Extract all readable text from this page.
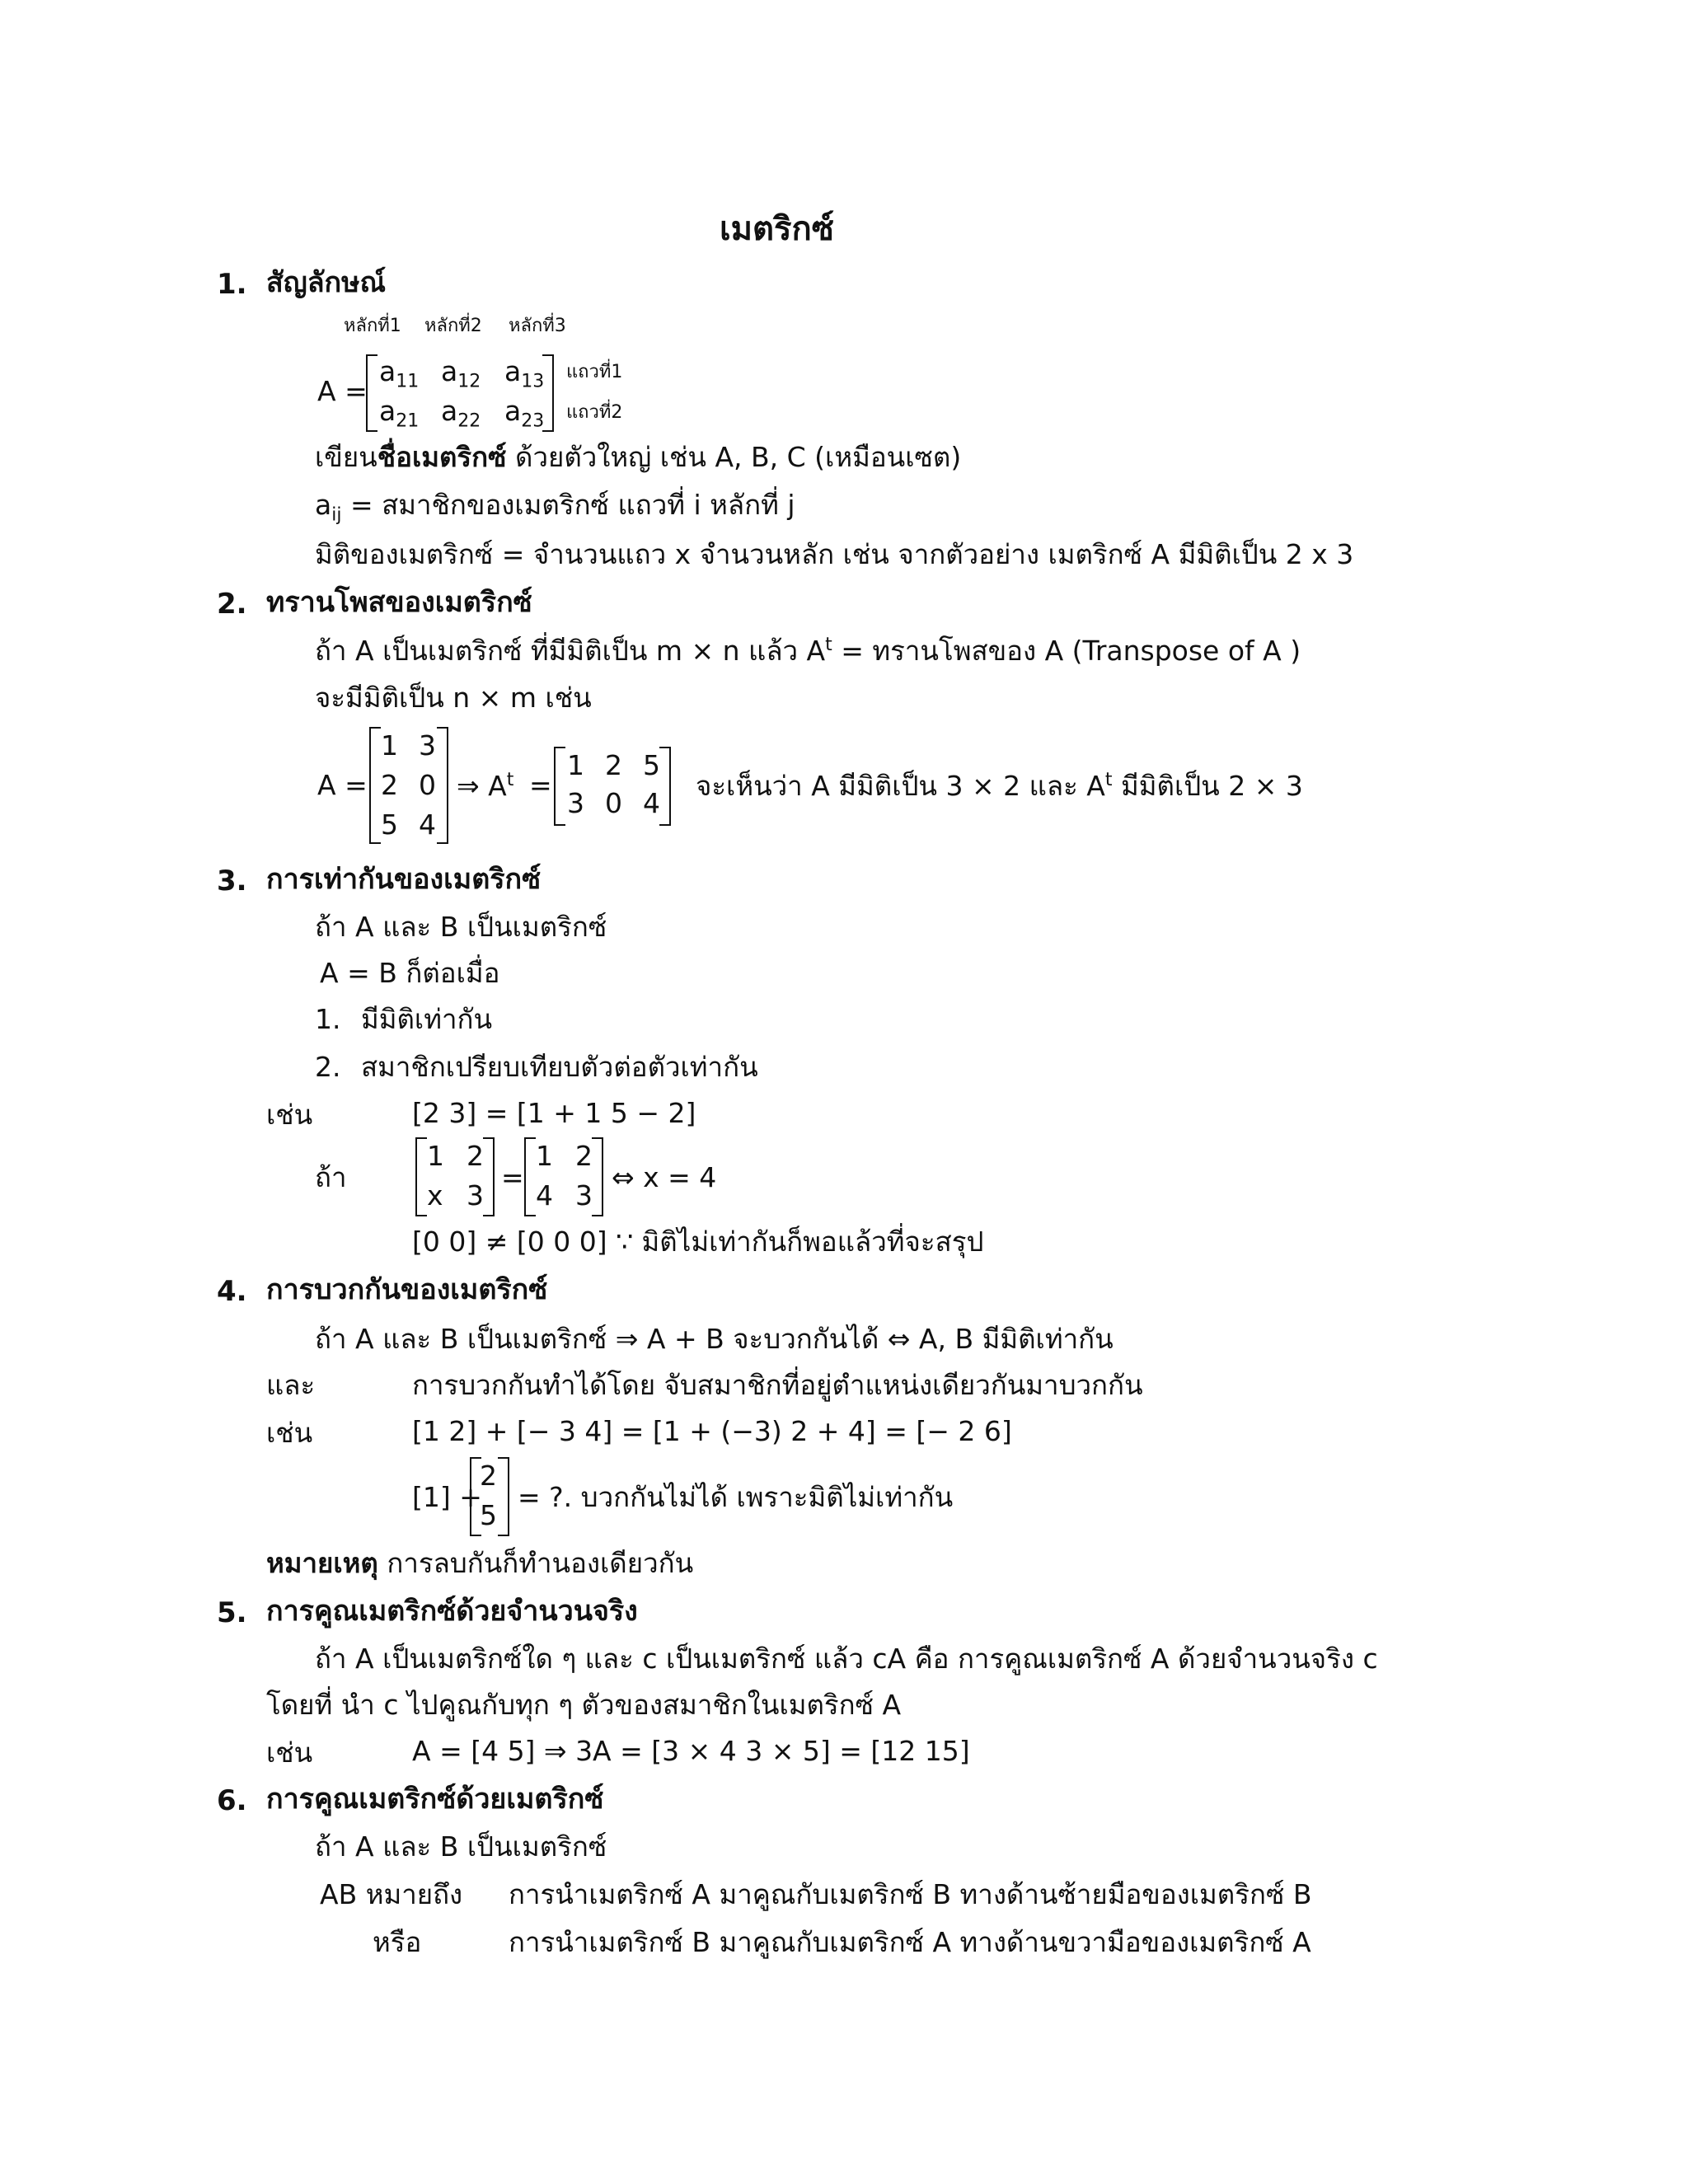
เมตริกซ์
1. สัญลักษณ์
หลักที่1 หลักที่2 หลักที่3
A =
$a_{11}$ $a_{12}$ $a_{13}$
$a_{21}$ $a_{22}$ $a_{23}$
แถวที่1
แถวที่2
เขียนชื่อเมตริกซ์ ด้วยตัวใหญ่ เช่น A, B, C (เหมือนเซต)
$a_{ij}$ = สมาชิกของเมตริกซ์ แถวที่ i หลักที่ j
มิติของเมตริกซ์ = จำนวนแถว x จำนวนหลัก เช่น จากตัวอย่าง เมตริกซ์ A มีมิติเป็น 2 x 3
2. ทรานโพสของเมตริกซ์
ถ้า A เป็นเมตริกซ์ ที่มีมิติเป็น m × n แล้ว $A^t$ = ทรานโพสของ A (Transpose of A )
จะมีมิติเป็น n × m เช่น
A =
1 3
2 0
5 4
⇒ $A^t$ =
1 2 5
3 0 4
จะเห็นว่า A มีมิติเป็น 3 × 2 และ $A^t$ มีมิติเป็น 2 × 3
3. การเท่ากันของเมตริกซ์
ถ้า A และ B เป็นเมตริกซ์
A = B ก็ต่อเมื่อ
1. มีมิติเท่ากัน
2. สมาชิกเปรียบเทียบตัวต่อตัวเท่ากัน
เช่น	[2 3] = [1 + 1 5 − 2]
ถ้า
1 2
x 3
=
1 2
4 3
⇔ x = 4
[0 0] ≠ [0 0 0] ∵ มิติไม่เท่ากันก็พอแล้วที่จะสรุป
4. การบวกกันของเมตริกซ์
ถ้า A และ B เป็นเมตริกซ์ ⇒ A + B จะบวกกันได้ ⇔ A, B มีมิติเท่ากัน
และ	การบวกกันทำได้โดย จับสมาชิกที่อยู่ตำแหน่งเดียวกันมาบวกกัน
เช่น	[1 2] + [− 3 4] = [1 + (−3) 2 + 4] = [− 2 6]
[1] +
2
5
= ?. บวกกันไม่ได้ เพราะมิติไม่เท่ากัน
หมายเหตุ การลบกันก็ทำนองเดียวกัน
5. การคูณเมตริกซ์ด้วยจำนวนจริง
ถ้า A เป็นเมตริกซ์ใด ๆ และ c เป็นเมตริกซ์ แล้ว cA คือ การคูณเมตริกซ์ A ด้วยจำนวนจริง c
โดยที่ นำ c ไปคูณกับทุก ๆ ตัวของสมาชิกในเมตริกซ์ A
เช่น	A = [4 5] ⇒ 3A = [3 × 4 3 × 5] = [12 15]
6. การคูณเมตริกซ์ด้วยเมตริกซ์
ถ้า A และ B เป็นเมตริกซ์
AB หมายถึง การนำเมตริกซ์ A มาคูณกับเมตริกซ์ B ทางด้านซ้ายมือของเมตริกซ์ B
หรือ	การนำเมตริกซ์ B มาคูณกับเมตริกซ์ A ทางด้านขวามือของเมตริกซ์ A
